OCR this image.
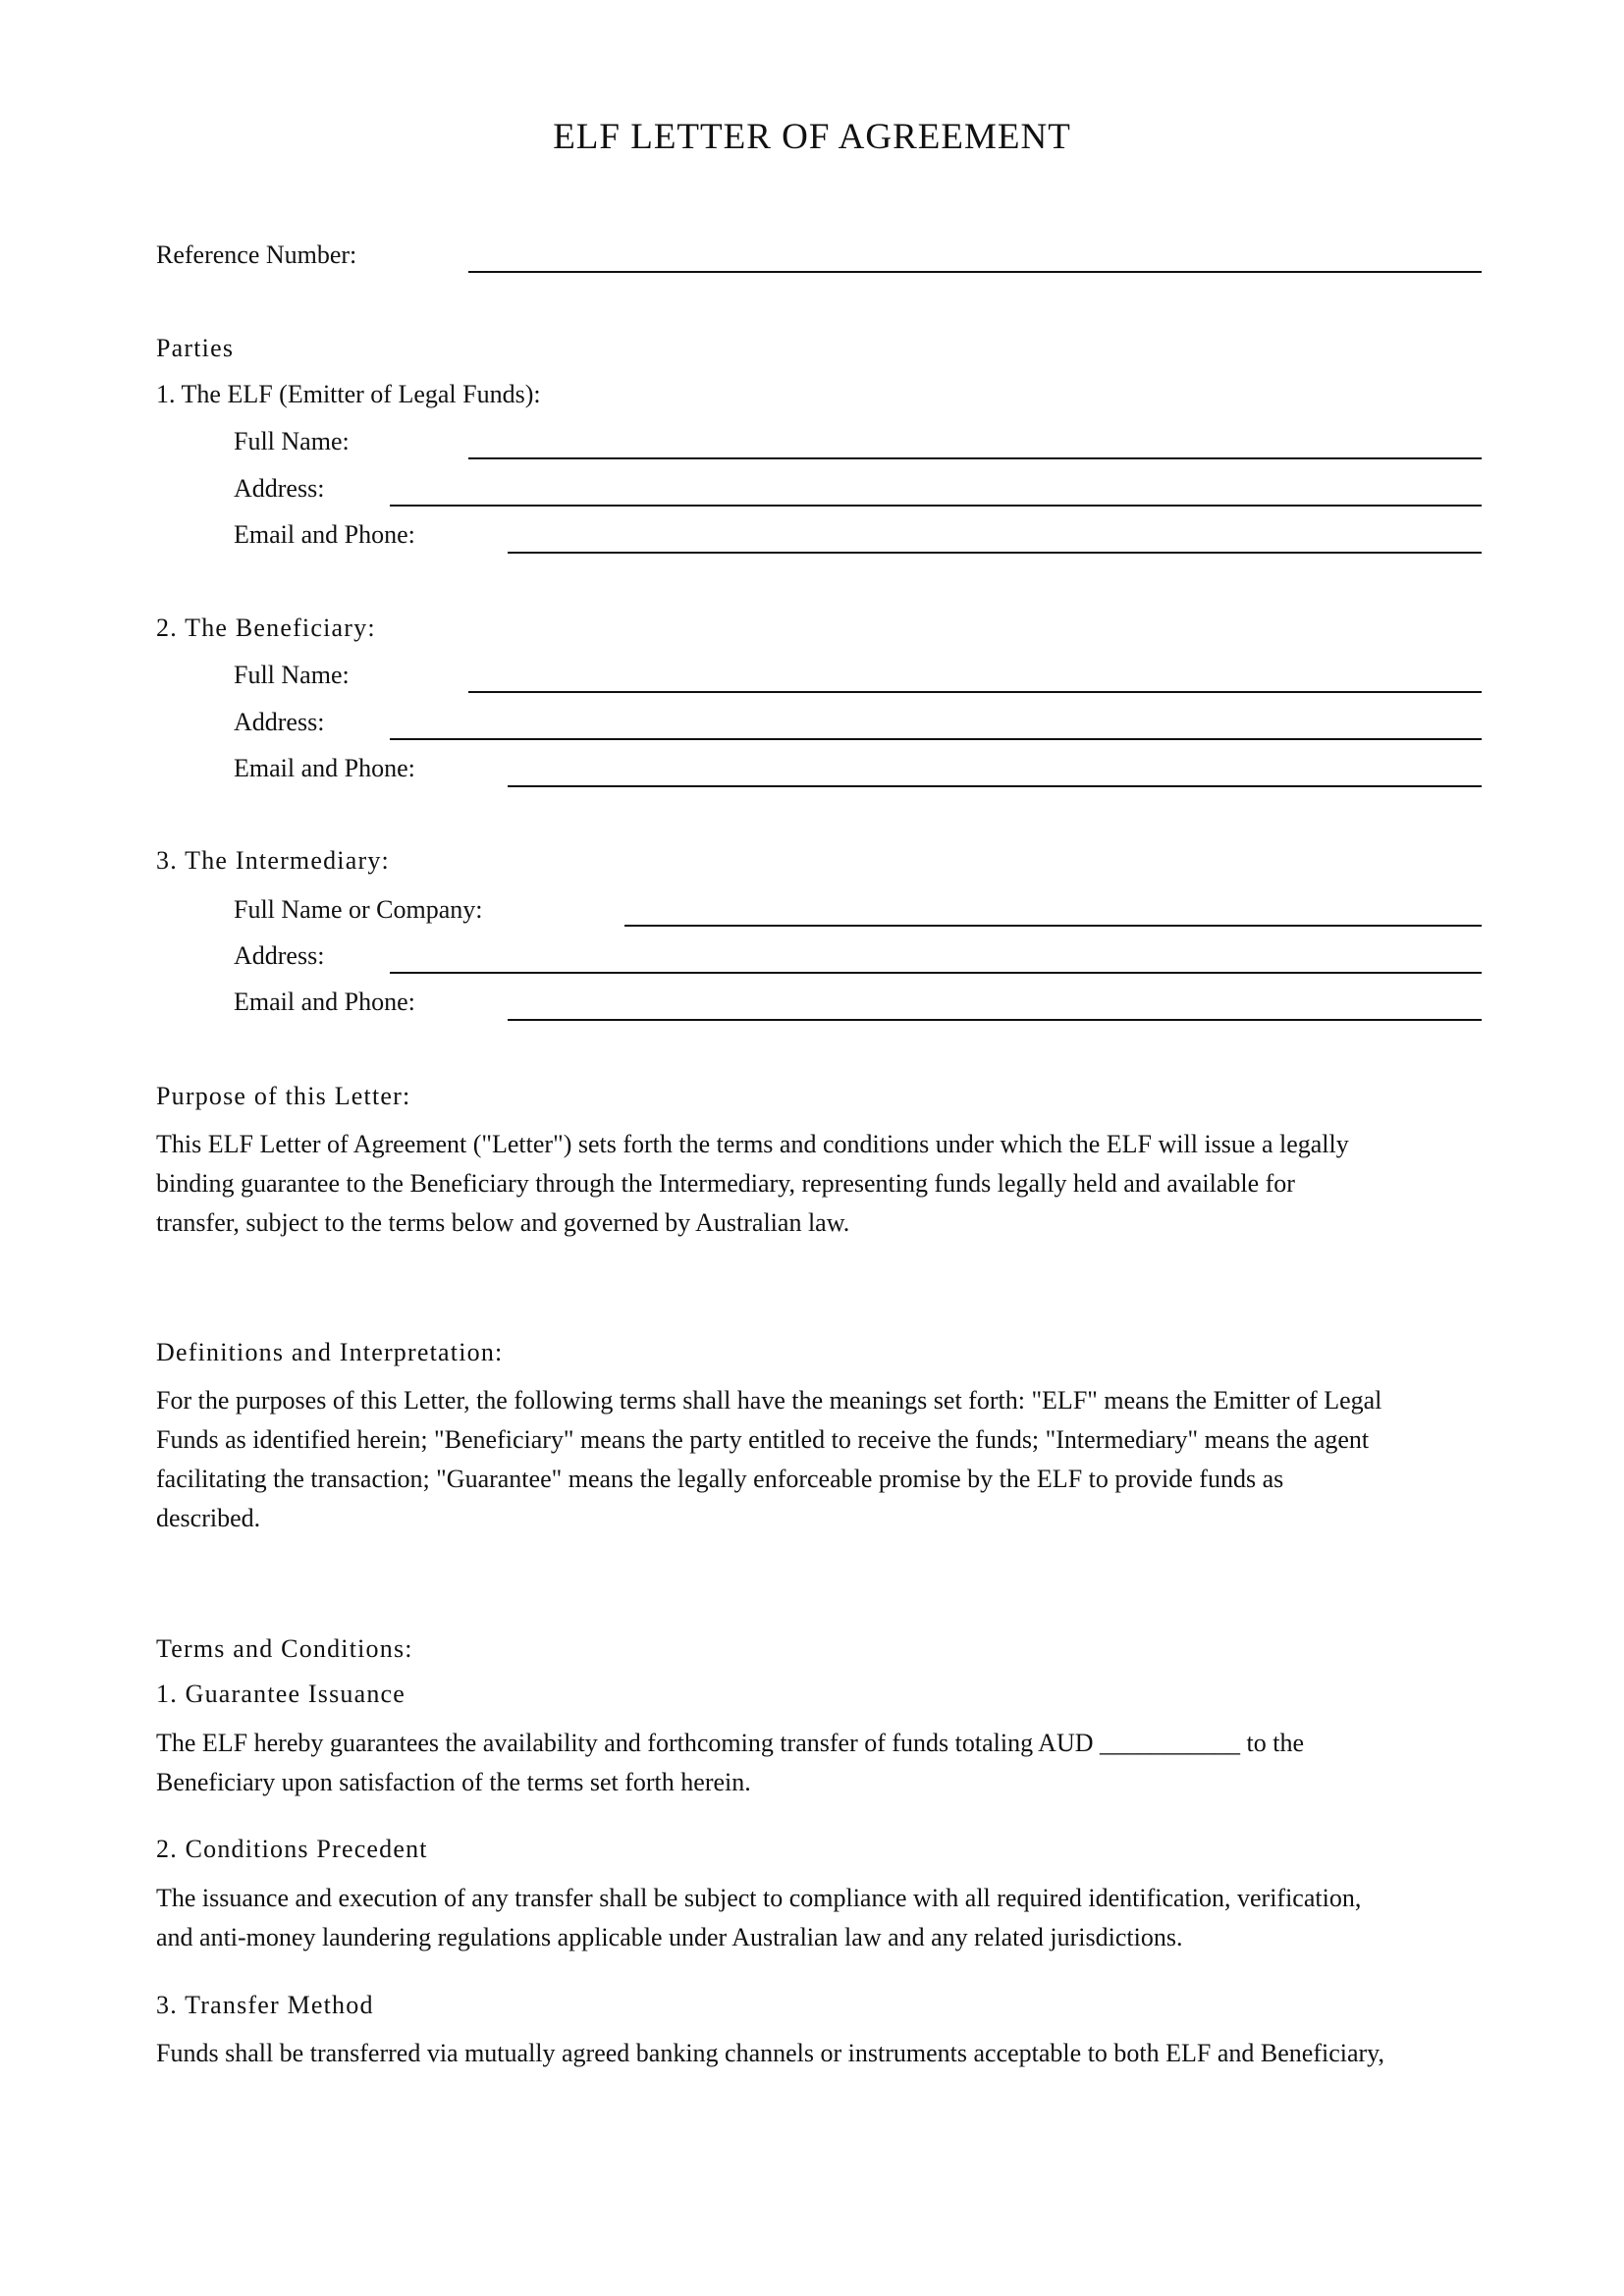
ELF LETTER OF AGREEMENT
Reference Number:
Parties
1. The ELF (Emitter of Legal Funds):
Full Name:
Address:
Email and Phone:
2. The Beneficiary:
Full Name:
Address:
Email and Phone:
3. The Intermediary:
Full Name or Company:
Address:
Email and Phone:
Purpose of this Letter:
This ELF Letter of Agreement ("Letter") sets forth the terms and conditions under which the ELF will issue a legally
binding guarantee to the Beneficiary through the Intermediary, representing funds legally held and available for
transfer, subject to the terms below and governed by Australian law.
Definitions and Interpretation:
For the purposes of this Letter, the following terms shall have the meanings set forth: "ELF" means the Emitter of Legal
Funds as identified herein; "Beneficiary" means the party entitled to receive the funds; "Intermediary" means the agent
facilitating the transaction; "Guarantee" means the legally enforceable promise by the ELF to provide funds as
described.
Terms and Conditions:
1. Guarantee Issuance
The ELF hereby guarantees the availability and forthcoming transfer of funds totaling AUD ___________ to the
Beneficiary upon satisfaction of the terms set forth herein.
2. Conditions Precedent
The issuance and execution of any transfer shall be subject to compliance with all required identification, verification,
and anti-money laundering regulations applicable under Australian law and any related jurisdictions.
3. Transfer Method
Funds shall be transferred via mutually agreed banking channels or instruments acceptable to both ELF and Beneficiary,
